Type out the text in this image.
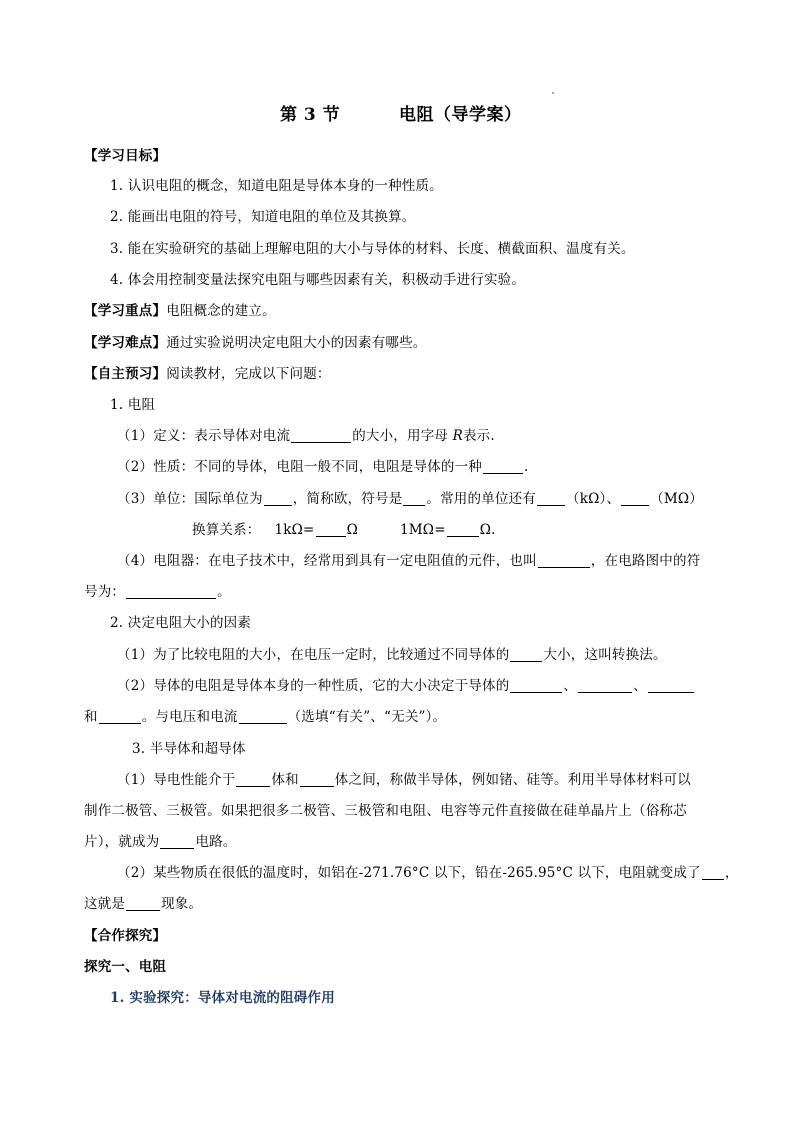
第 3 节	电阻（导学案）
【学习目标】
1. 认识电阻的概念，知道电阻是导体本身的一种性质。
2. 能画出电阻的符号，知道电阻的单位及其换算。
3. 能在实验研究的基础上理解电阻的大小与导体的材料、长度、横截面积、温度有关。
4. 体会用控制变量法探究电阻与哪些因素有关，积极动手进行实验。
【学习重点】电阻概念的建立。
【学习难点】通过实验说明决定电阻大小的因素有哪些。
【自主预习】阅读教材，完成以下问题：
1. 电阻
（1）定义：表示导体对电流	的大小，用字母 R表示.
（2）性质：不同的导体，电阻一般不同，电阻是导体的一种	.
（3）单位：国际单位为 ，简称欧，符号是 。常用的单位还有 （kΩ）、 （MΩ）
换算关系： 1kΩ= Ω	1MΩ=	Ω.
（4）电阻器：在电子技术中，经常用到具有一定电阻值的元件，也叫	，在电路图中的符
号为：	。
2. 决定电阻大小的因素
（1）为了比较电阻的大小，在电压一定时，比较通过不同导体的	大小，这叫转换法。
（2）导体的电阻是导体本身的一种性质，它的大小决定于导体的	、	、
和	。与电压和电流	（选填“有关”、“无关”）。
3. 半导体和超导体
（1）导电性能介于	体和	体之间，称做半导体，例如锗、硅等。利用半导体材料可以
制作二极管、三极管。如果把很多二极管、三极管和电阻、电容等元件直接做在硅单晶片上（俗称芯
片），就成为	电路。
（2）某些物质在很低的温度时，如铝在-271.76°C 以下，铅在-265.95°C 以下，电阻就变成了 ，
这就是	现象。
【合作探究】
探究一、电阻
1. 实验探究：导体对电流的阻碍作用
